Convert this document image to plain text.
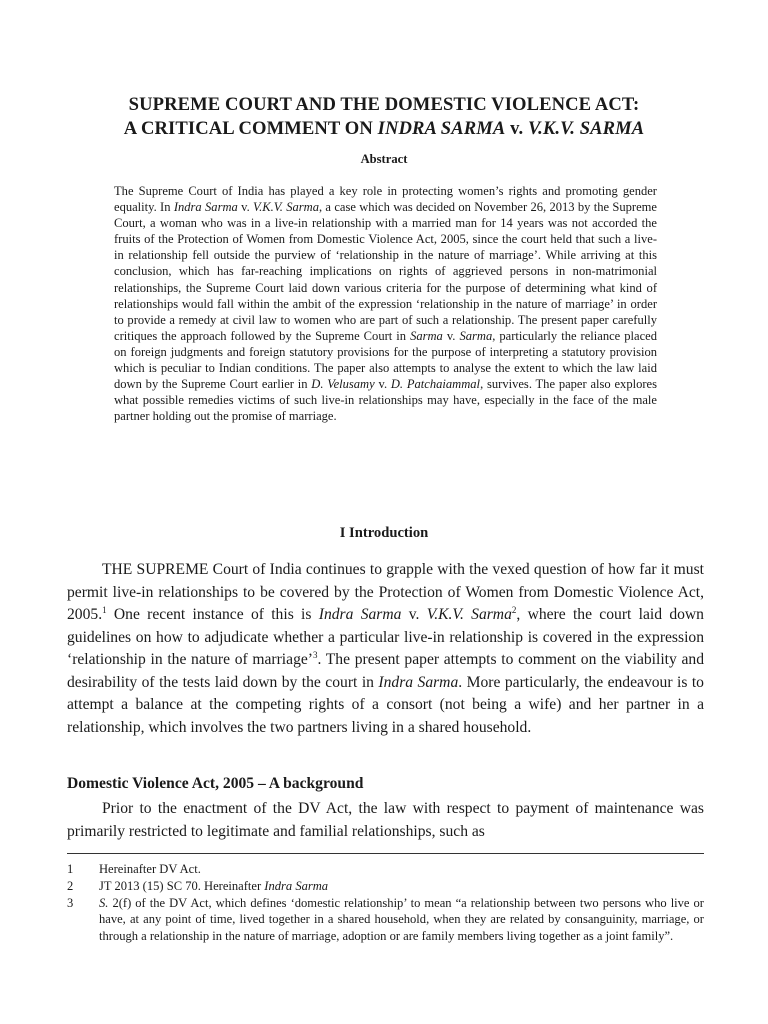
SUPREME COURT AND THE DOMESTIC VIOLENCE ACT:
A CRITICAL COMMENT ON INDRA SARMA v. V.K.V. SARMA
Abstract

The Supreme Court of India has played a key role in protecting women’s rights and promoting gender equality. In Indra Sarma v. V.K.V. Sarma, a case which was decided on November 26, 2013 by the Supreme Court, a woman who was in a live-in relationship with a married man for 14 years was not accorded the fruits of the Protection of Women from Domestic Violence Act, 2005, since the court held that such a live-in relationship fell outside the purview of ‘relationship in the nature of marriage’. While arriving at this conclusion, which has far-reaching implications on rights of aggrieved persons in non-matrimonial relationships, the Supreme Court laid down various criteria for the purpose of determining what kind of relationships would fall within the ambit of the expression ‘relationship in the nature of marriage’ in order to provide a remedy at civil law to women who are part of such a relationship. The present paper carefully critiques the approach followed by the Supreme Court in Sarma v. Sarma, particularly the reliance placed on foreign judgments and foreign statutory provisions for the purpose of interpreting a statutory provision which is peculiar to Indian conditions. The paper also attempts to analyse the extent to which the law laid down by the Supreme Court earlier in D. Velusamy v. D. Patchaiammal, survives. The paper also explores what possible remedies victims of such live-in relationships may have, especially in the face of the male partner holding out the promise of marriage.

I Introduction

THE SUPREME Court of India continues to grapple with the vexed question of how far it must permit live-in relationships to be covered by the Protection of Women from Domestic Violence Act, 2005.$^1$ One recent instance of this is Indra Sarma v. V.K.V. Sarma$^2$, where the court laid down guidelines on how to adjudicate whether a particular live-in relationship is covered in the expression ‘relationship in the nature of marriage’$^3$. The present paper attempts to comment on the viability and desirability of the tests laid down by the court in Indra Sarma. More particularly, the endeavour is to attempt a balance at the competing rights of a consort (not being a wife) and her partner in a relationship, which involves the two partners living in a shared household.

Domestic Violence Act, 2005 – A background

Prior to the enactment of the DV Act, the law with respect to payment of maintenance was primarily restricted to legitimate and familial relationships, such as

1	Hereinafter DV Act.
2	JT 2013 (15) SC 70. Hereinafter Indra Sarma
3	S. 2(f) of the DV Act, which defines ‘domestic relationship’ to mean “a relationship between two persons who live or have, at any point of time, lived together in a shared household, when they are related by consanguinity, marriage, or through a relationship in the nature of marriage, adoption or are family members living together as a joint family”.
